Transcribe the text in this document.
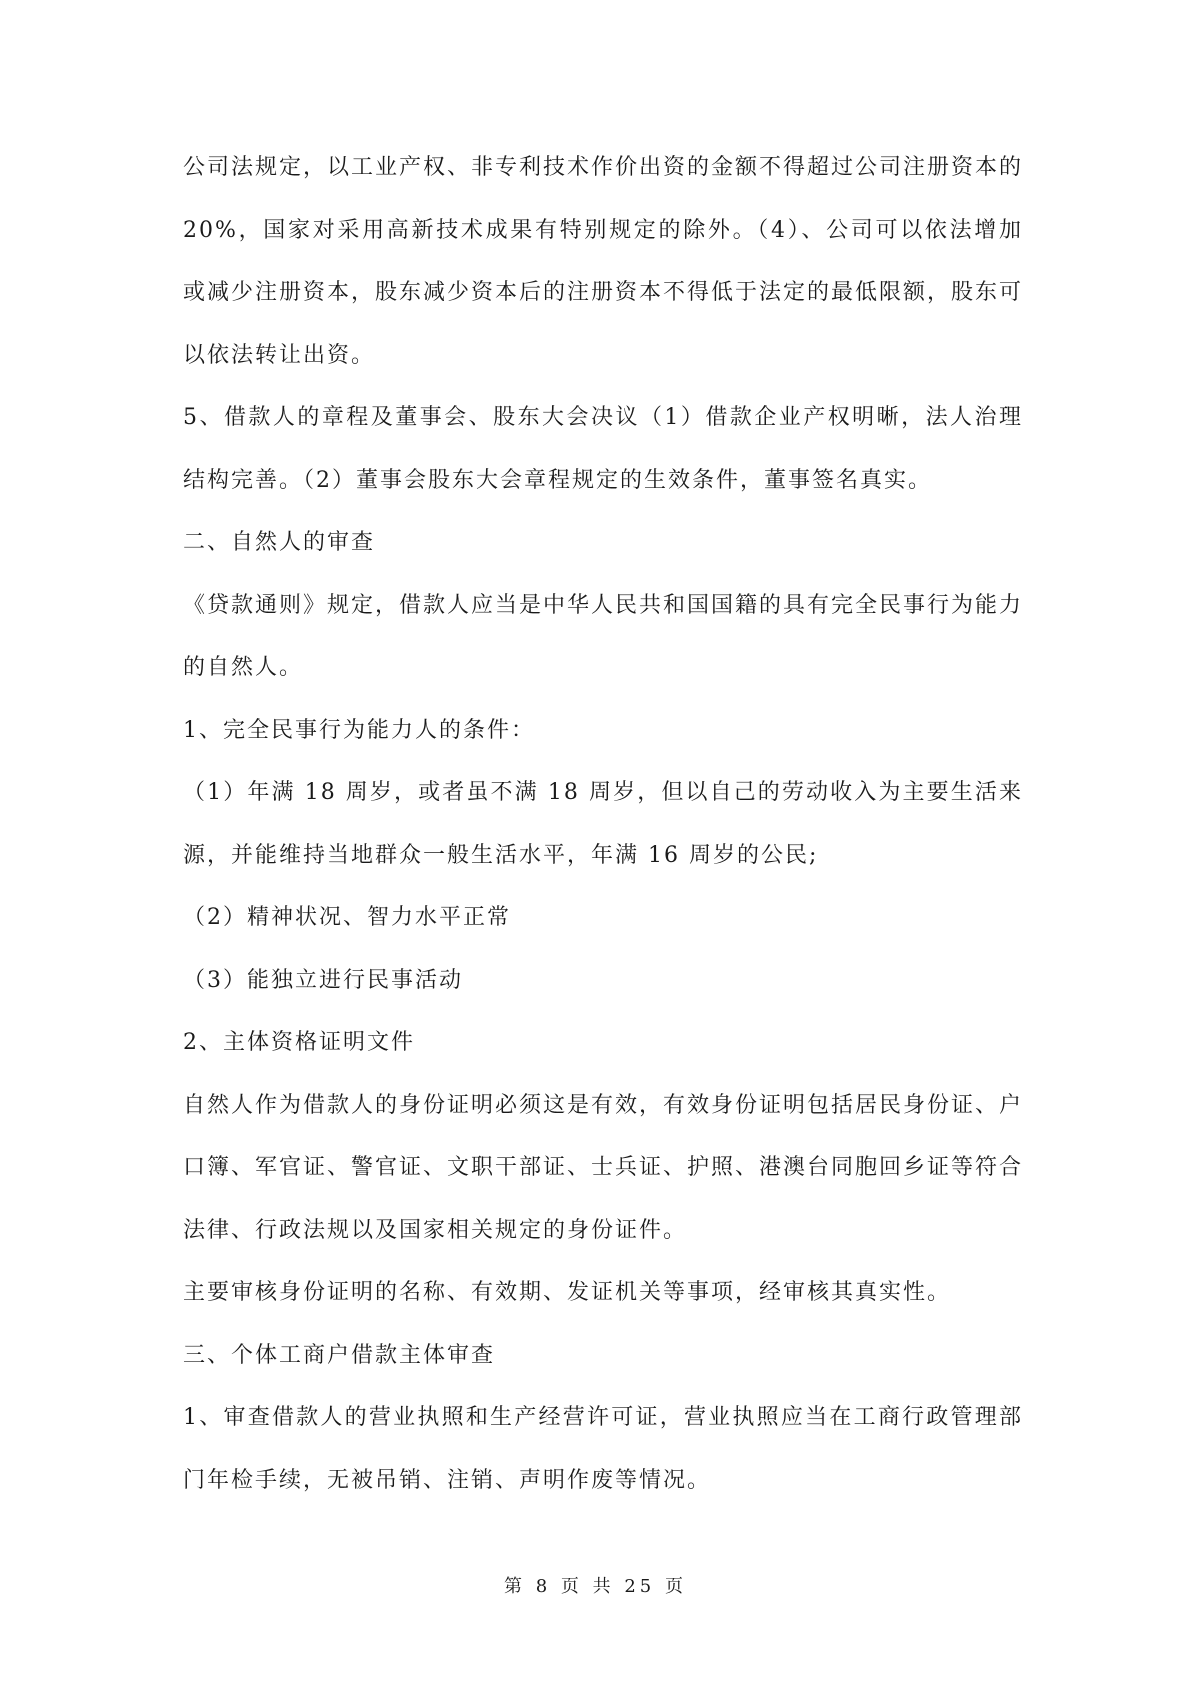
公司法规定，以工业产权、非专利技术作价出资的金额不得超过公司注册资本的20%，国家对采用高新技术成果有特别规定的除外。（4）、公司可以依法增加或减少注册资本，股东减少资本后的注册资本不得低于法定的最低限额，股东可以依法转让出资。

5、借款人的章程及董事会、股东大会决议（1）借款企业产权明晰，法人治理结构完善。（2）董事会股东大会章程规定的生效条件，董事签名真实。

二、自然人的审查

《贷款通则》规定，借款人应当是中华人民共和国国籍的具有完全民事行为能力的自然人。

1、完全民事行为能力人的条件：

（1）年满 18 周岁，或者虽不满 18 周岁，但以自己的劳动收入为主要生活来源，并能维持当地群众一般生活水平，年满 16 周岁的公民;

（2）精神状况、智力水平正常

（3）能独立进行民事活动

2、主体资格证明文件

自然人作为借款人的身份证明必须这是有效，有效身份证明包括居民身份证、户口簿、军官证、警官证、文职干部证、士兵证、护照、港澳台同胞回乡证等符合法律、行政法规以及国家相关规定的身份证件。

主要审核身份证明的名称、有效期、发证机关等事项，经审核其真实性。

三、个体工商户借款主体审查

1、审查借款人的营业执照和生产经营许可证，营业执照应当在工商行政管理部门年检手续，无被吊销、注销、声明作废等情况。

第 8 页 共 25 页
